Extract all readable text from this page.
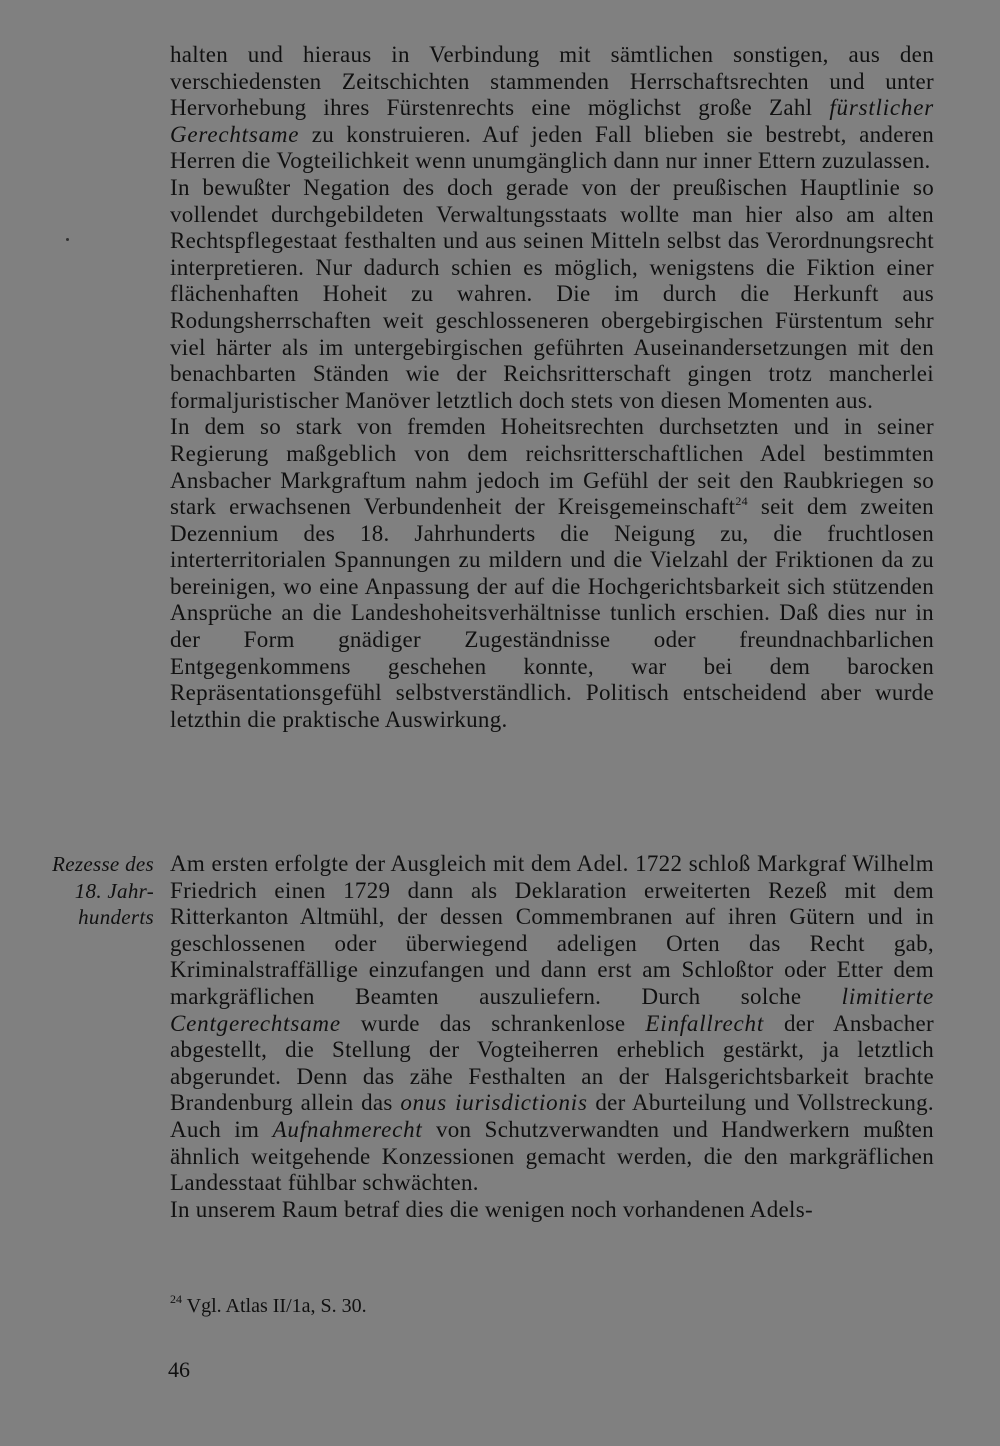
halten und hieraus in Verbindung mit sämtlichen sonstigen, aus den verschiedensten Zeitschichten stammenden Herrschaftsrechten und unter Hervorhebung ihres Fürstenrechts eine möglichst große Zahl fürstlicher Gerechtsame zu konstruieren. Auf jeden Fall blieben sie bestrebt, anderen Herren die Vogteilichkeit wenn unumgänglich dann nur inner Ettern zuzulassen.

In bewußter Negation des doch gerade von der preußischen Hauptlinie so vollendet durchgebildeten Verwaltungsstaats wollte man hier also am alten Rechtspflegestaat festhalten und aus seinen Mitteln selbst das Verordnungsrecht interpretieren. Nur dadurch schien es möglich, wenigstens die Fiktion einer flächenhaften Hoheit zu wahren. Die im durch die Herkunft aus Rodungsherrschaften weit geschlosseneren obergebirgischen Fürstentum sehr viel härter als im untergebirgischen geführten Auseinandersetzungen mit den benachbarten Ständen wie der Reichsritterschaft gingen trotz mancherlei formaljuristischer Manöver letztlich doch stets von diesen Momenten aus.

In dem so stark von fremden Hoheitsrechten durchsetzten und in seiner Regierung maßgeblich von dem reichsritterschaftlichen Adel bestimmten Ansbacher Markgraftum nahm jedoch im Gefühl der seit den Raubkriegen so stark erwachsenen Verbundenheit der Kreisgemeinschaft$^{24}$ seit dem zweiten Dezennium des 18. Jahrhunderts die Neigung zu, die fruchtlosen interterritorialen Spannungen zu mildern und die Vielzahl der Friktionen da zu bereinigen, wo eine Anpassung der auf die Hochgerichtsbarkeit sich stützenden Ansprüche an die Landeshoheitsverhältnisse tunlich erschien. Daß dies nur in der Form gnädiger Zugeständnisse oder freundnachbarlichen Entgegenkommens geschehen konnte, war bei dem barocken Repräsentationsgefühl selbstverständlich. Politisch entscheidend aber wurde letzthin die praktische Auswirkung.

Rezesse des
18. Jahr-
hunderts

Am ersten erfolgte der Ausgleich mit dem Adel. 1722 schloß Markgraf Wilhelm Friedrich einen 1729 dann als Deklaration erweiterten Rezeß mit dem Ritterkanton Altmühl, der dessen Commembranen auf ihren Gütern und in geschlossenen oder überwiegend adeligen Orten das Recht gab, Kriminalstraffällige einzufangen und dann erst am Schloßtor oder Etter dem markgräflichen Beamten auszuliefern. Durch solche limitierte Centgerechtsame wurde das schrankenlose Einfallrecht der Ansbacher abgestellt, die Stellung der Vogteiherren erheblich gestärkt, ja letztlich abgerundet. Denn das zähe Festhalten an der Halsgerichtsbarkeit brachte Brandenburg allein das onus iurisdictionis der Aburteilung und Vollstreckung. Auch im Aufnahmerecht von Schutzverwandten und Handwerkern mußten ähnlich weitgehende Konzessionen gemacht werden, die den markgräflichen Landesstaat fühlbar schwächten.

In unserem Raum betraf dies die wenigen noch vorhandenen Adels-

$^{24}$ Vgl. Atlas II/1a, S. 30.
46
